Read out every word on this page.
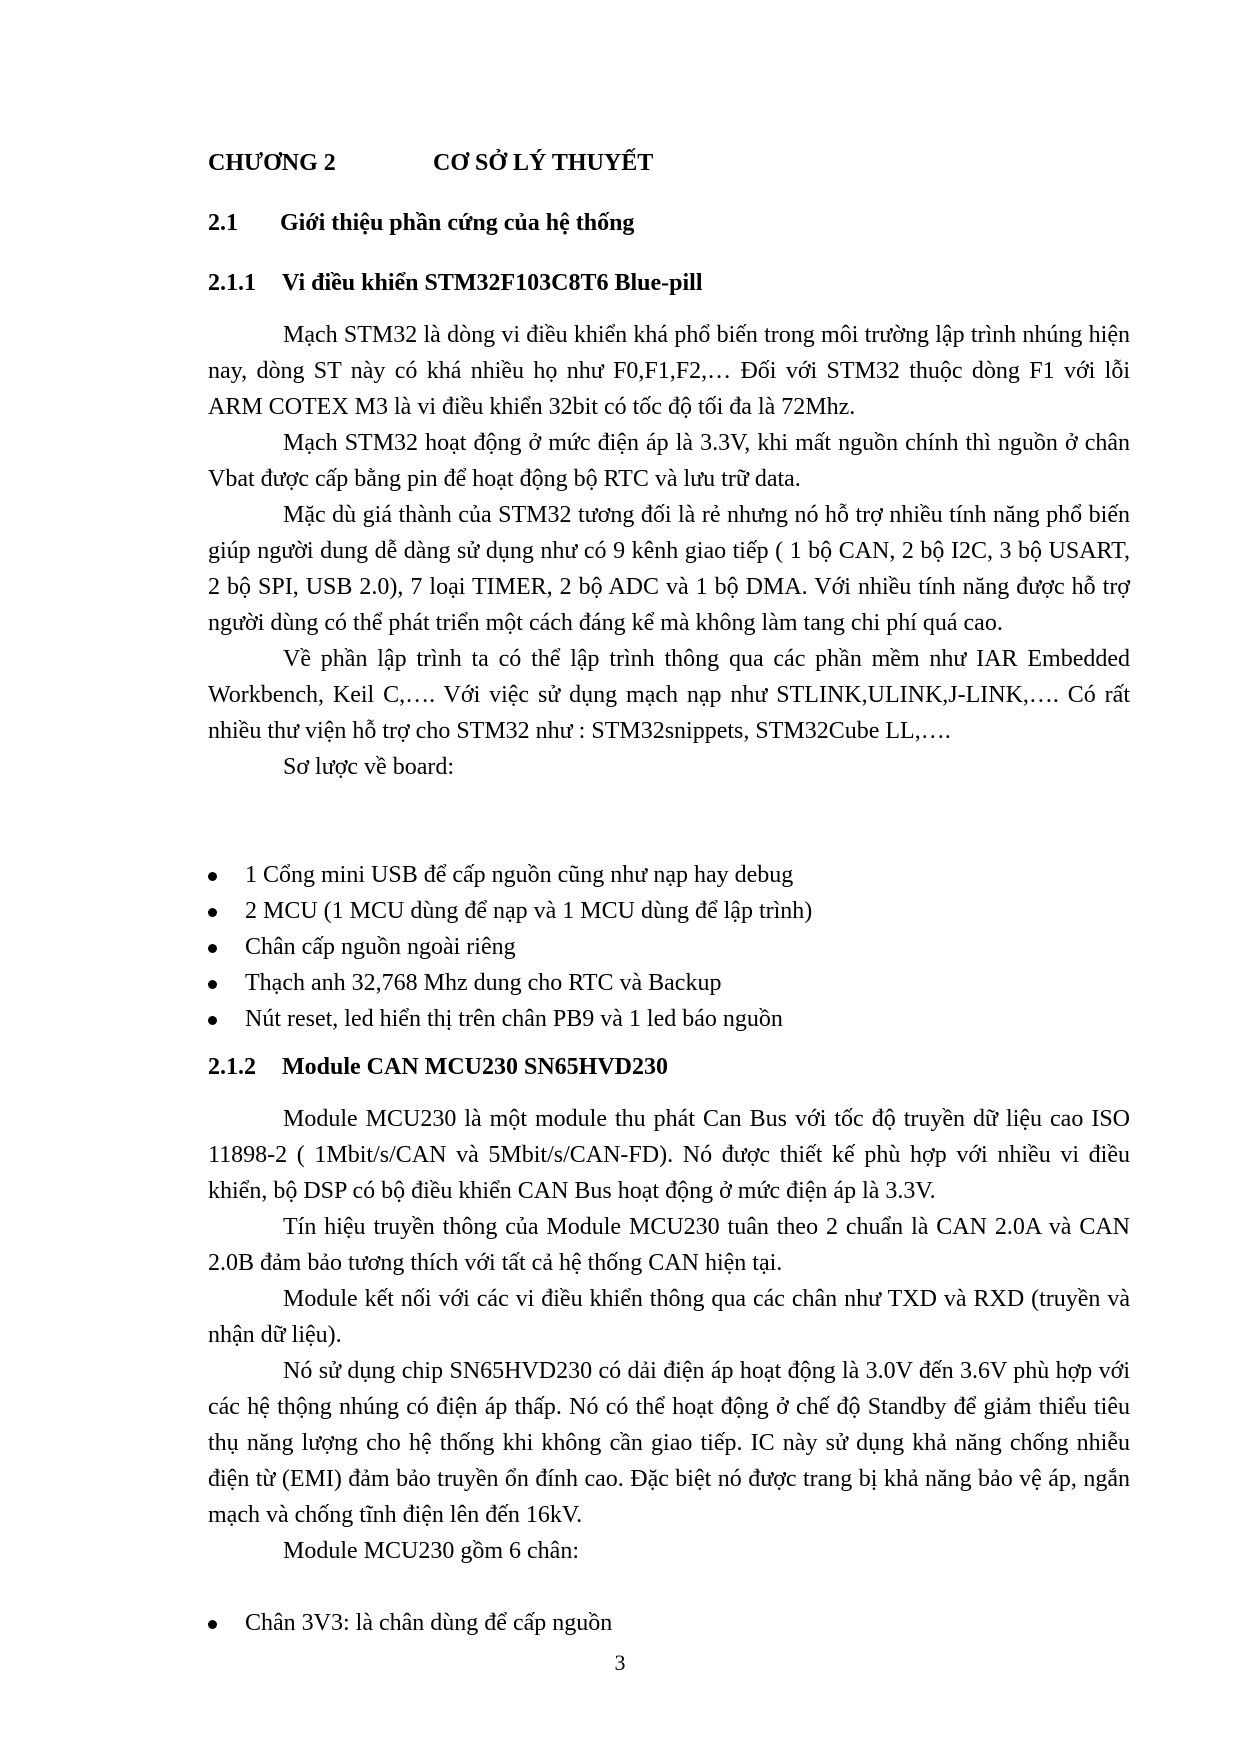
CHƯƠNG 2	CƠ SỞ LÝ THUYẾT
2.1 Giới thiệu phần cứng của hệ thống
2.1.1 Vi điều khiển STM32F103C8T6 Blue-pill

Mạch STM32 là dòng vi điều khiển khá phổ biến trong môi trường lập trình nhúng hiện nay, dòng ST này có khá nhiều họ như F0,F1,F2,… Đối với STM32 thuộc dòng F1 với lỗi ARM COTEX M3 là vi điều khiển 32bit có tốc độ tối đa là 72Mhz.

Mạch STM32 hoạt động ở mức điện áp là 3.3V, khi mất nguồn chính thì nguồn ở chân Vbat được cấp bằng pin để hoạt động bộ RTC và lưu trữ data.

Mặc dù giá thành của STM32 tương đối là rẻ nhưng nó hỗ trợ nhiều tính năng phổ biến giúp người dung dễ dàng sử dụng như có 9 kênh giao tiếp ( 1 bộ CAN, 2 bộ I2C, 3 bộ USART, 2 bộ SPI, USB 2.0), 7 loại TIMER, 2 bộ ADC và 1 bộ DMA. Với nhiều tính năng được hỗ trợ người dùng có thể phát triển một cách đáng kể mà không làm tang chi phí quá cao.

Về phần lập trình ta có thể lập trình thông qua các phần mềm như IAR Embedded Workbench, Keil C,…. Với việc sử dụng mạch nạp như STLINK,ULINK,J-LINK,…. Có rất nhiều thư viện hỗ trợ cho STM32 như : STM32snippets, STM32Cube LL,….

Sơ lược về board:

1 Cổng mini USB để cấp nguồn cũng như nạp hay debug
2 MCU (1 MCU dùng để nạp và 1 MCU dùng để lập trình)
Chân cấp nguồn ngoài riêng
Thạch anh 32,768 Mhz dung cho RTC và Backup
Nút reset, led hiển thị trên chân PB9 và 1 led báo nguồn
2.1.2 Module CAN MCU230 SN65HVD230

Module MCU230 là một module thu phát Can Bus với tốc độ truyền dữ liệu cao ISO 11898-2 ( 1Mbit/s/CAN và 5Mbit/s/CAN-FD). Nó được thiết kế phù hợp với nhiều vi điều khiển, bộ DSP có bộ điều khiển CAN Bus hoạt động ở mức điện áp là 3.3V.

Tín hiệu truyền thông của Module MCU230 tuân theo 2 chuẩn là CAN 2.0A và CAN 2.0B đảm bảo tương thích với tất cả hệ thống CAN hiện tại.

Module kết nối với các vi điều khiển thông qua các chân như TXD và RXD (truyền và nhận dữ liệu).

Nó sử dụng chip SN65HVD230 có dải điện áp hoạt động là 3.0V đến 3.6V phù hợp với các hệ thộng nhúng có điện áp thấp. Nó có thể hoạt động ở chế độ Standby để giảm thiểu tiêu thụ năng lượng cho hệ thống khi không cần giao tiếp. IC này sử dụng khả năng chống nhiễu điện từ (EMI) đảm bảo truyền ổn đính cao. Đặc biệt nó được trang bị khả năng bảo vệ áp, ngắn mạch và chống tĩnh điện lên đến 16kV.

Module MCU230 gồm 6 chân:

Chân 3V3: là chân dùng để cấp nguồn
3
